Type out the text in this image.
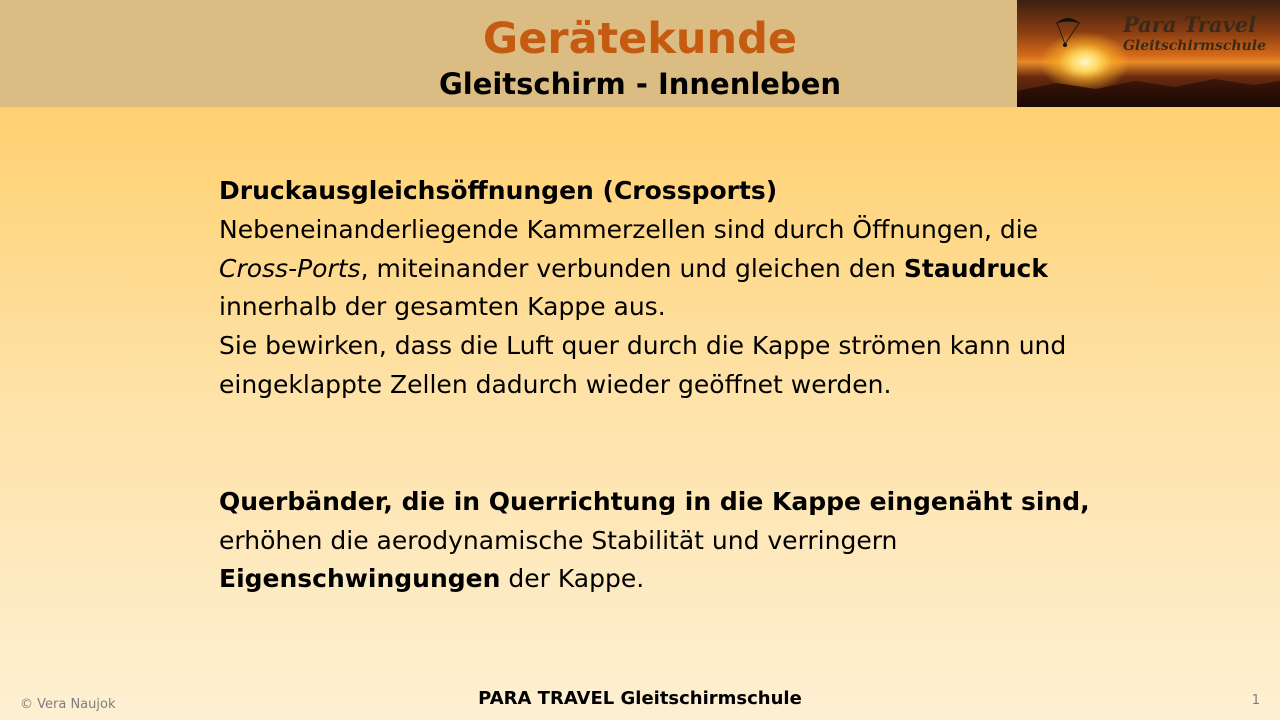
Gerätekunde
Gleitschirm - Innenleben
Para Travel
Gleitschirmschule

Druckausgleichsöffnungen (Crossports)

Nebeneinanderliegende Kammerzellen sind durch Öffnungen, die Cross-Ports, miteinander verbunden und gleichen den Staudruck innerhalb der gesamten Kappe aus.

Sie bewirken, dass die Luft quer durch die Kappe strömen kann und eingeklappte Zellen dadurch wieder geöffnet werden.

Querbänder, die in Querrichtung in die Kappe eingenäht sind, erhöhen die aerodynamische Stabilität und verringern Eigenschwingungen der Kappe.

© Vera Naujok	PARA TRAVEL Gleitschirmschule	1
